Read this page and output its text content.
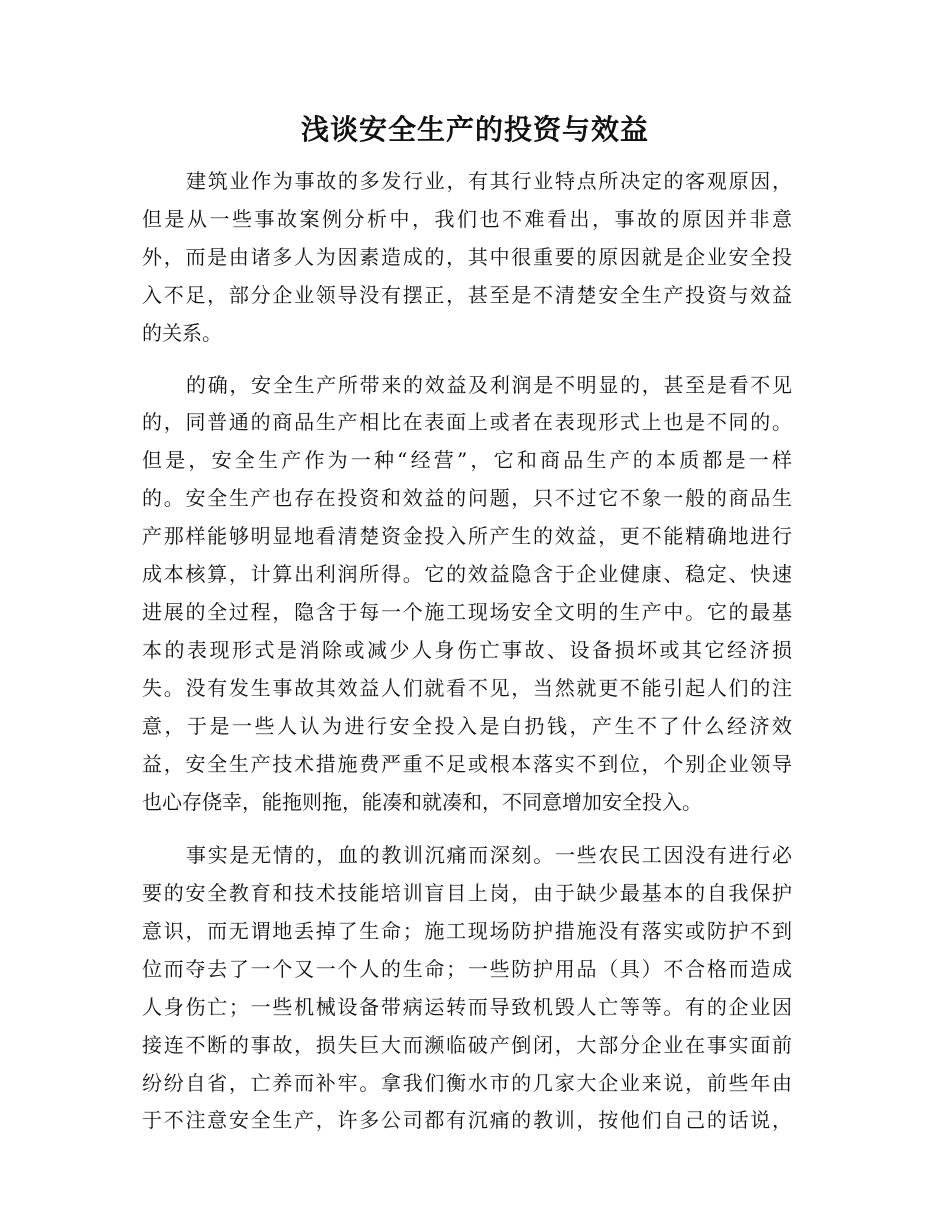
浅谈安全生产的投资与效益

建筑业作为事故的多发行业，有其行业特点所决定的客观原因，

但是从一些事故案例分析中，我们也不难看出，事故的原因并非意

外，而是由诸多人为因素造成的，其中很重要的原因就是企业安全投

入不足，部分企业领导没有摆正，甚至是不清楚安全生产投资与效益

的关系。

的确，安全生产所带来的效益及利润是不明显的，甚至是看不见

的，同普通的商品生产相比在表面上或者在表现形式上也是不同的。

但是，安全生产作为一种“经营”，它和商品生产的本质都是一样

的。安全生产也存在投资和效益的问题，只不过它不象一般的商品生

产那样能够明显地看清楚资金投入所产生的效益，更不能精确地进行

成本核算，计算出利润所得。它的效益隐含于企业健康、稳定、快速

进展的全过程，隐含于每一个施工现场安全文明的生产中。它的最基

本的表现形式是消除或减少人身伤亡事故、设备损坏或其它经济损

失。没有发生事故其效益人们就看不见，当然就更不能引起人们的注

意，于是一些人认为进行安全投入是白扔钱，产生不了什么经济效

益，安全生产技术措施费严重不足或根本落实不到位，个别企业领导

也心存侥幸，能拖则拖，能凑和就凑和，不同意增加安全投入。

事实是无情的，血的教训沉痛而深刻。一些农民工因没有进行必

要的安全教育和技术技能培训盲目上岗，由于缺少最基本的自我保护

意识，而无谓地丢掉了生命；施工现场防护措施没有落实或防护不到

位而夺去了一个又一个人的生命；一些防护用品（具）不合格而造成

人身伤亡；一些机械设备带病运转而导致机毁人亡等等。有的企业因

接连不断的事故，损失巨大而濒临破产倒闭，大部分企业在事实面前

纷纷自省，亡养而补牢。拿我们衡水市的几家大企业来说，前些年由

于不注意安全生产，许多公司都有沉痛的教训，按他们自己的话说，
